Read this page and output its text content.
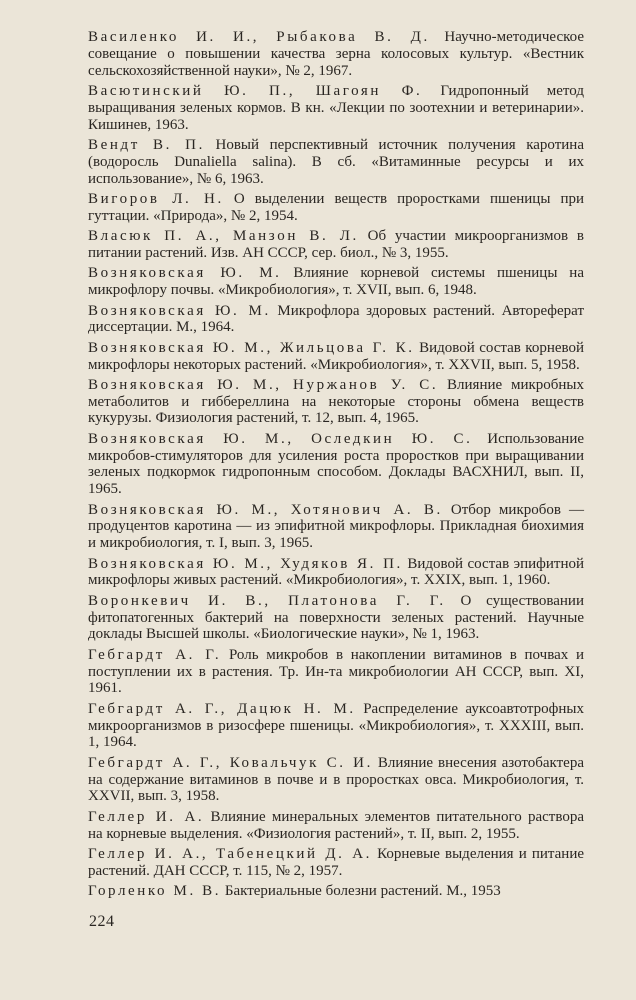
Василенко И. И., Рыбакова В. Д. Научно-методическое совещание о повышении качества зерна колосовых культур. «Вестник сельскохозяйственной науки», № 2, 1967.

Васютинский Ю. П., Шагоян Ф. Гидропонный метод выращивания зеленых кормов. В кн. «Лекции по зоотехнии и ветеринарии». Кишинев, 1963.

Вендт В. П. Новый перспективный источник получения каротина (водоросль Dunaliella salina). В сб. «Витаминные ресурсы и их использование», № 6, 1963.

Вигоров Л. Н. О выделении веществ проростками пшеницы при гуттации. «Природа», № 2, 1954.

Власюк П. А., Манзон В. Л. Об участии микроорганизмов в питании растений. Изв. АН СССР, сер. биол., № 3, 1955.

Возняковская Ю. М. Влияние корневой системы пшеницы на микрофлору почвы. «Микробиология», т. XVII, вып. 6, 1948.

Возняковская Ю. М. Микрофлора здоровых растений. Автореферат диссертации. М., 1964.

Возняковская Ю. М., Жильцова Г. К. Видовой состав корневой микрофлоры некоторых растений. «Микробиология», т. XXVII, вып. 5, 1958.

Возняковская Ю. М., Нуржанов У. С. Влияние микробных метаболитов и гиббереллина на некоторые стороны обмена веществ кукурузы. Физиология растений, т. 12, вып. 4, 1965.

Возняковская Ю. М., Оследкин Ю. С. Использование микробов-стимуляторов для усиления роста проростков при выращивании зеленых подкормок гидропонным способом. Доклады ВАСХНИЛ, вып. II, 1965.

Возняковская Ю. М., Хотянович А. В. Отбор микробов — продуцентов каротина — из эпифитной микрофлоры. Прикладная биохимия и микробиология, т. I, вып. 3, 1965.

Возняковская Ю. М., Худяков Я. П. Видовой состав эпифитной микрофлоры живых растений. «Микробиология», т. XXIX, вып. 1, 1960.

Воронкевич И. В., Платонова Г. Г. О существовании фитопатогенных бактерий на поверхности зеленых растений. Научные доклады Высшей школы. «Биологические науки», № 1, 1963.

Гебгардт А. Г. Роль микробов в накоплении витаминов в почвах и поступлении их в растения. Тр. Ин-та микробиологии АН СССР, вып. XI, 1961.

Гебгардт А. Г., Дацюк Н. М. Распределение ауксоавтотрофных микроорганизмов в ризосфере пшеницы. «Микробиология», т. XXXIII, вып. 1, 1964.

Гебгардт А. Г., Ковальчук С. И. Влияние внесения азотобактера на содержание витаминов в почве и в проростках овса. Микробиология, т. XXVII, вып. 3, 1958.

Геллер И. А. Влияние минеральных элементов питательного раствора на корневые выделения. «Физиология растений», т. II, вып. 2, 1955.

Геллер И. А., Табенецкий Д. А. Корневые выделения и питание растений. ДАН СССР, т. 115, № 2, 1957.

Горленко М. В. Бактериальные болезни растений. М., 1953

224
